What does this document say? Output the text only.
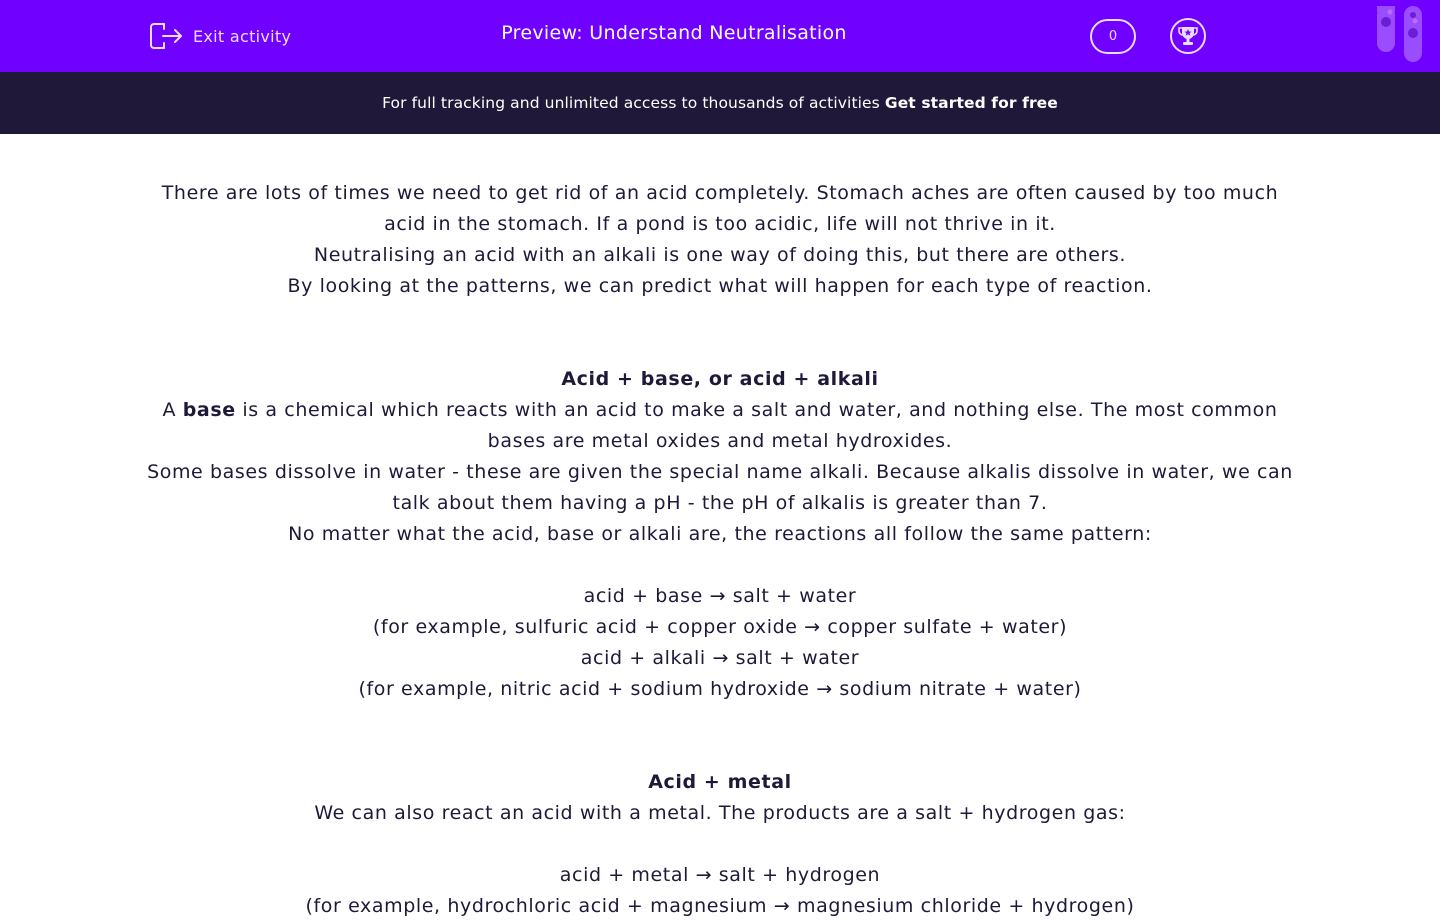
Exit activity	Preview: Understand Neutralisation	0
For full tracking and unlimited access to thousands of activities Get started for free

There are lots of times we need to get rid of an acid completely. Stomach aches are often caused by too much acid in the stomach. If a pond is too acidic, life will not thrive in it.

Neutralising an acid with an alkali is one way of doing this, but there are others.

By looking at the patterns, we can predict what will happen for each type of reaction.

Acid + base, or acid + alkali

A base is a chemical which reacts with an acid to make a salt and water, and nothing else. The most common bases are metal oxides and metal hydroxides.

Some bases dissolve in water - these are given the special name alkali. Because alkalis dissolve in water, we can talk about them having a pH - the pH of alkalis is greater than 7.

No matter what the acid, base or alkali are, the reactions all follow the same pattern:

acid + base → salt + water

(for example, sulfuric acid + copper oxide → copper sulfate + water)

acid + alkali → salt + water

(for example, nitric acid + sodium hydroxide → sodium nitrate + water)

Acid + metal

We can also react an acid with a metal. The products are a salt + hydrogen gas:

acid + metal → salt + hydrogen

(for example, hydrochloric acid + magnesium → magnesium chloride + hydrogen)
